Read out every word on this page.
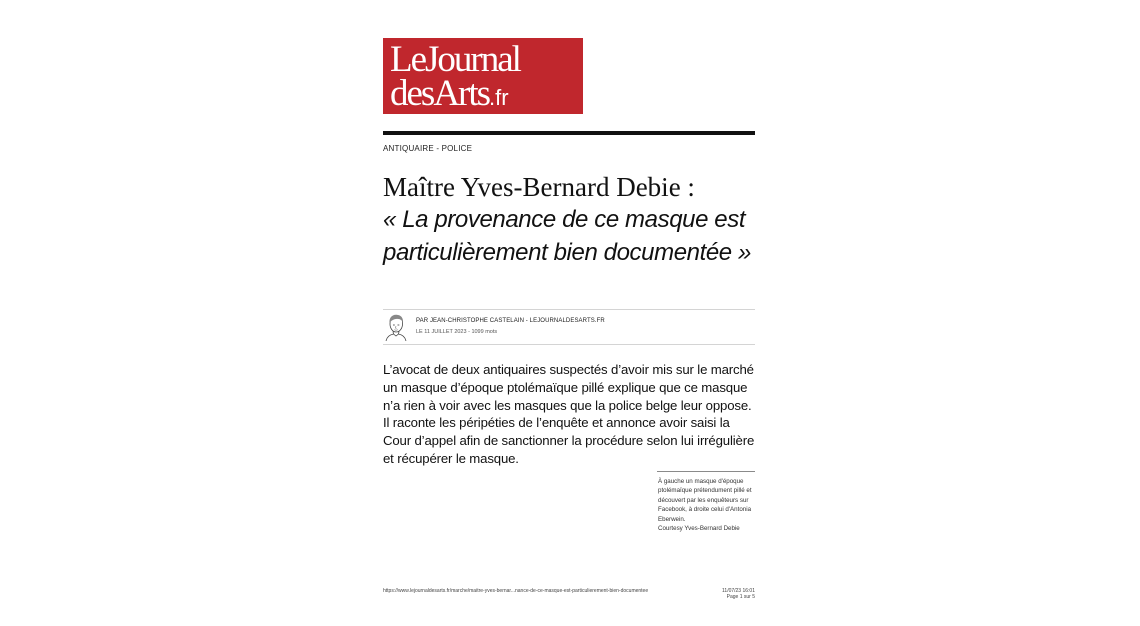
LeJournal
desArts.fr
ANTIQUAIRE - POLICE
Maître Yves-Bernard Debie :
« La provenance de ce masque est particulièrement bien documentée »
PAR JEAN-CHRISTOPHE CASTELAIN - LEJOURNALDESARTS.FR
LE 11 JUILLET 2023 - 1099 mots
L’avocat de deux antiquaires suspectés d’avoir mis sur le marché un masque d’époque ptolémaïque pillé explique que ce masque n’a rien à voir avec les masques que la police belge leur oppose. Il raconte les péripéties de l’enquête et annonce avoir saisi la Cour d’appel afin de sanctionner la procédure selon lui irrégulière et récupérer le masque.
À gauche un masque d'époque ptolémaïque prétendument pillé et découvert par les enquêteurs sur Facebook, à droite celui d'Antonia Eberwein.
Courtesy Yves-Bernard Debie
https://www.lejournaldesarts.fr/marche/maitre-yves-bernar...nance-de-ce-masque-est-particulierement-bien-documentee	11/07/23 16:01
Page 1 sur 5
